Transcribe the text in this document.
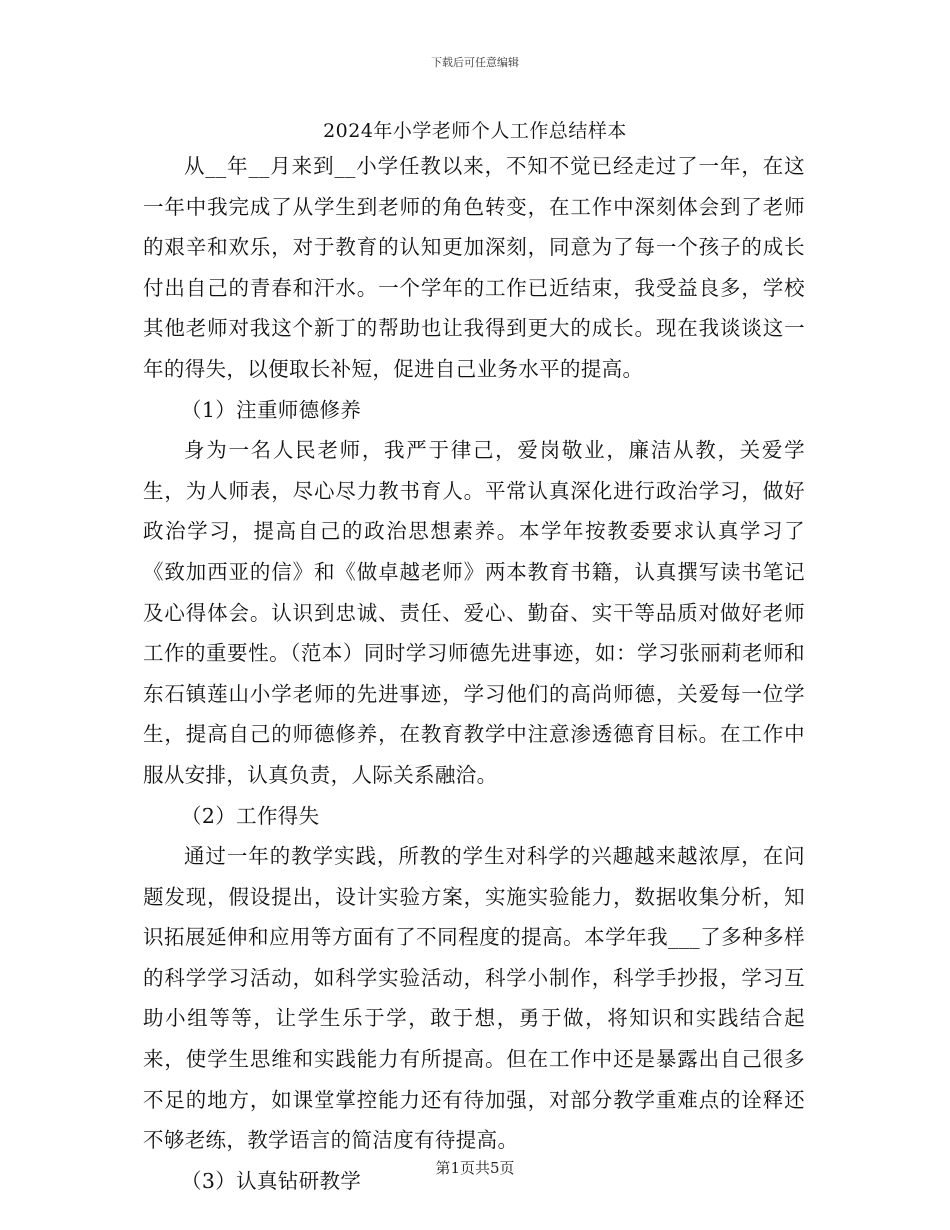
下载后可任意编辑
2024年小学老师个人工作总结样本

从__年__月来到__小学任教以来，不知不觉已经走过了一年，在这一年中我完成了从学生到老师的角色转变，在工作中深刻体会到了老师的艰辛和欢乐，对于教育的认知更加深刻，同意为了每一个孩子的成长付出自己的青春和汗水。一个学年的工作已近结束，我受益良多，学校其他老师对我这个新丁的帮助也让我得到更大的成长。现在我谈谈这一年的得失，以便取长补短，促进自己业务水平的提高。

（1）注重师德修养

身为一名人民老师，我严于律己，爱岗敬业，廉洁从教，关爱学生，为人师表，尽心尽力教书育人。平常认真深化进行政治学习，做好政治学习，提高自己的政治思想素养。本学年按教委要求认真学习了《致加西亚的信》和《做卓越老师》两本教育书籍，认真撰写读书笔记及心得体会。认识到忠诚、责任、爱心、勤奋、实干等品质对做好老师工作的重要性。（范本）同时学习师德先进事迹，如：学习张丽莉老师和东石镇莲山小学老师的先进事迹，学习他们的高尚师德，关爱每一位学生，提高自己的师德修养，在教育教学中注意渗透德育目标。在工作中服从安排，认真负责，人际关系融洽。

（2）工作得失

通过一年的教学实践，所教的学生对科学的兴趣越来越浓厚，在问题发现，假设提出，设计实验方案，实施实验能力，数据收集分析，知识拓展延伸和应用等方面有了不同程度的提高。本学年我___了多种多样的科学学习活动，如科学实验活动，科学小制作，科学手抄报，学习互助小组等等，让学生乐于学，敢于想，勇于做，将知识和实践结合起来，使学生思维和实践能力有所提高。但在工作中还是暴露出自己很多不足的地方，如课堂掌控能力还有待加强，对部分教学重难点的诠释还不够老练，教学语言的简洁度有待提高。

（3）认真钻研教学

第1页共5页
